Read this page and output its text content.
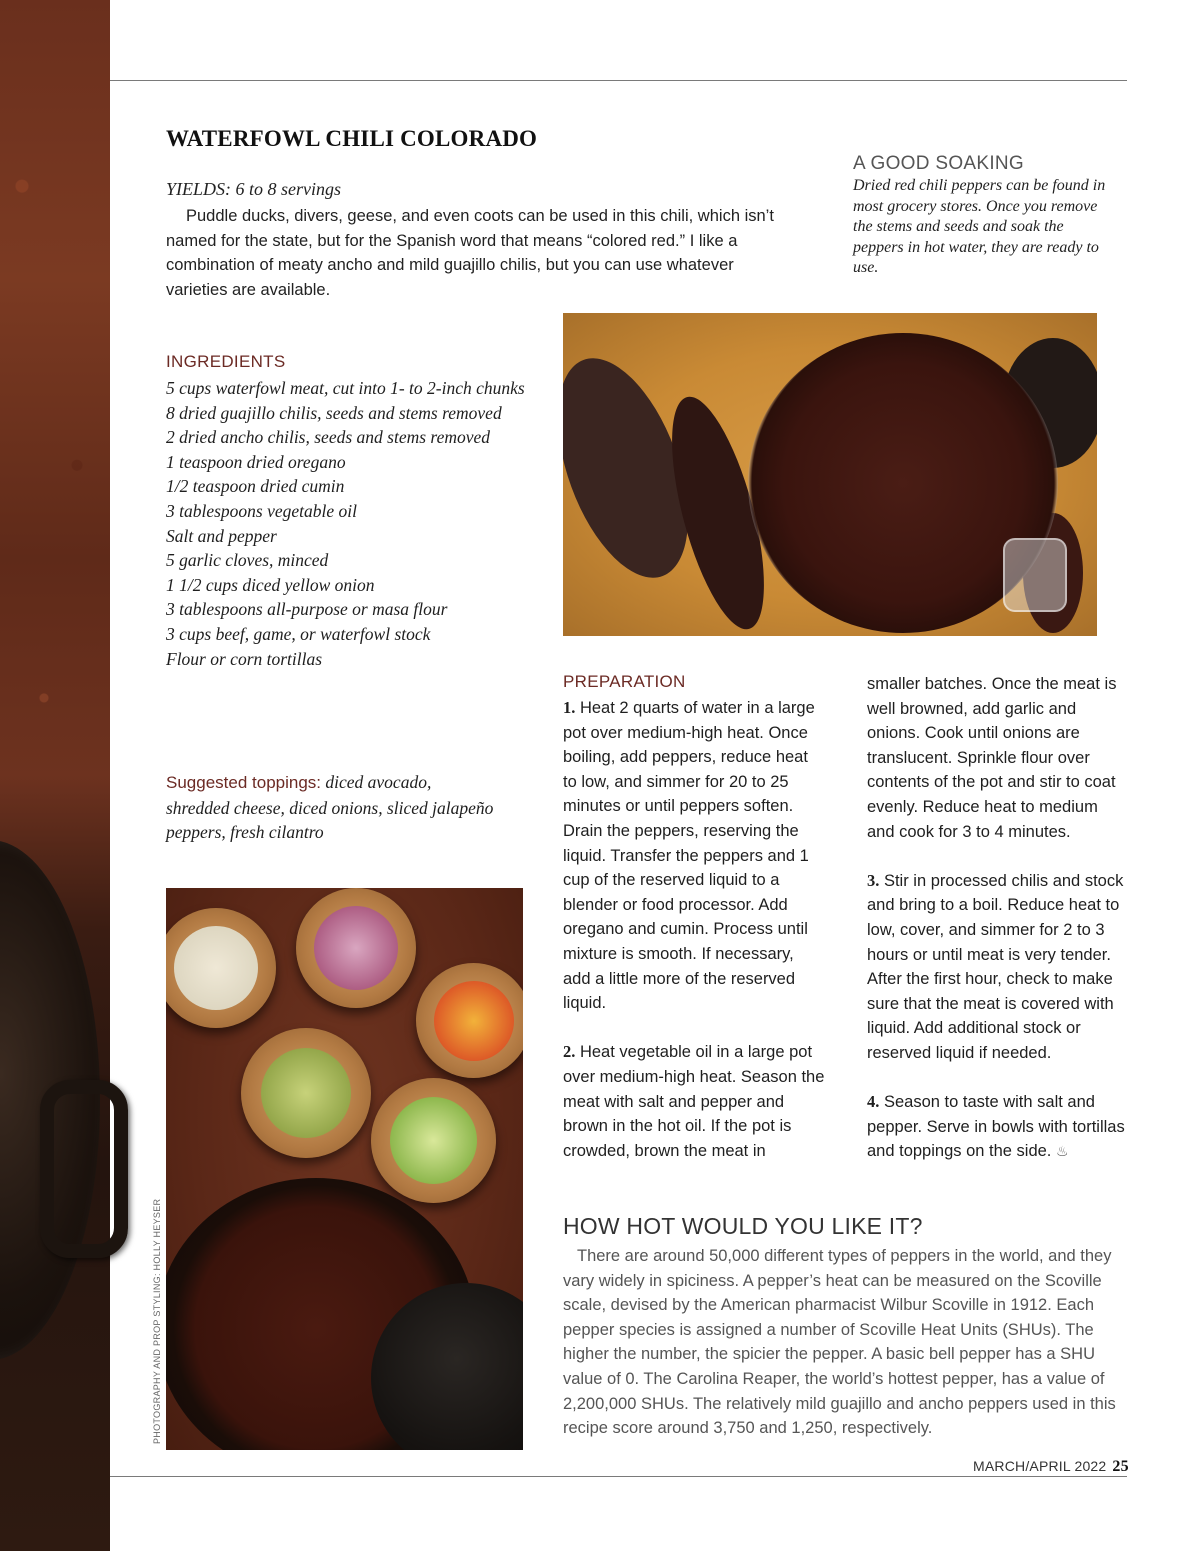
WATERFOWL CHILI COLORADO
YIELDS: 6 to 8 servings
Puddle ducks, divers, geese, and even coots can be used in this chili, which isn’t named for the state, but for the Spanish word that means “colored red.” I like a combination of meaty ancho and mild guajillo chilis, but you can use whatever varieties are available.
A GOOD SOAKING
Dried red chili peppers can be found in most grocery stores. Once you remove the stems and seeds and soak the peppers in hot water, they are ready to use.
INGREDIENTS
5 cups waterfowl meat, cut into 1- to 2-inch chunks
8 dried guajillo chilis, seeds and stems removed
2 dried ancho chilis, seeds and stems removed
1 teaspoon dried oregano
1/2 teaspoon dried cumin
3 tablespoons vegetable oil
Salt and pepper
5 garlic cloves, minced
1 1/2 cups diced yellow onion
3 tablespoons all-purpose or masa flour
3 cups beef, game, or waterfowl stock
Flour or corn tortillas
Suggested toppings: diced avocado, shredded cheese, diced onions, sliced jalapeño peppers, fresh cilantro
PHOTOGRAPHY AND PROP STYLING: HOLLY HEYSER
PREPARATION

1. Heat 2 quarts of water in a large pot over medium-high heat. Once boiling, add peppers, reduce heat to low, and simmer for 20 to 25 minutes or until peppers soften. Drain the peppers, reserving the liquid. Transfer the peppers and 1 cup of the reserved liquid to a blender or food processor. Add oregano and cumin. Process until mixture is smooth. If necessary, add a little more of the reserved liquid.

2. Heat vegetable oil in a large pot over medium-high heat. Season the meat with salt and pepper and brown in the hot oil. If the pot is crowded, brown the meat in

smaller batches. Once the meat is well browned, add garlic and onions. Cook until onions are translucent. Sprinkle flour over contents of the pot and stir to coat evenly. Reduce heat to medium and cook for 3 to 4 minutes.

3. Stir in processed chilis and stock and bring to a boil. Reduce heat to low, cover, and simmer for 2 to 3 hours or until meat is very tender. After the first hour, check to make sure that the meat is covered with liquid. Add additional stock or reserved liquid if needed.

4. Season to taste with salt and pepper. Serve in bowls with tortillas and toppings on the side. ♨

HOW HOT WOULD YOU LIKE IT?
There are around 50,000 different types of peppers in the world, and they vary widely in spiciness. A pepper’s heat can be measured on the Scoville scale, devised by the American pharmacist Wilbur Scoville in 1912. Each pepper species is assigned a number of Scoville Heat Units (SHUs). The higher the number, the spicier the pepper. A basic bell pepper has a SHU value of 0. The Carolina Reaper, the world’s hottest pepper, has a value of 2,200,000 SHUs. The relatively mild guajillo and ancho peppers used in this recipe score around 3,750 and 1,250, respectively.
MARCH/APRIL 2022 25
